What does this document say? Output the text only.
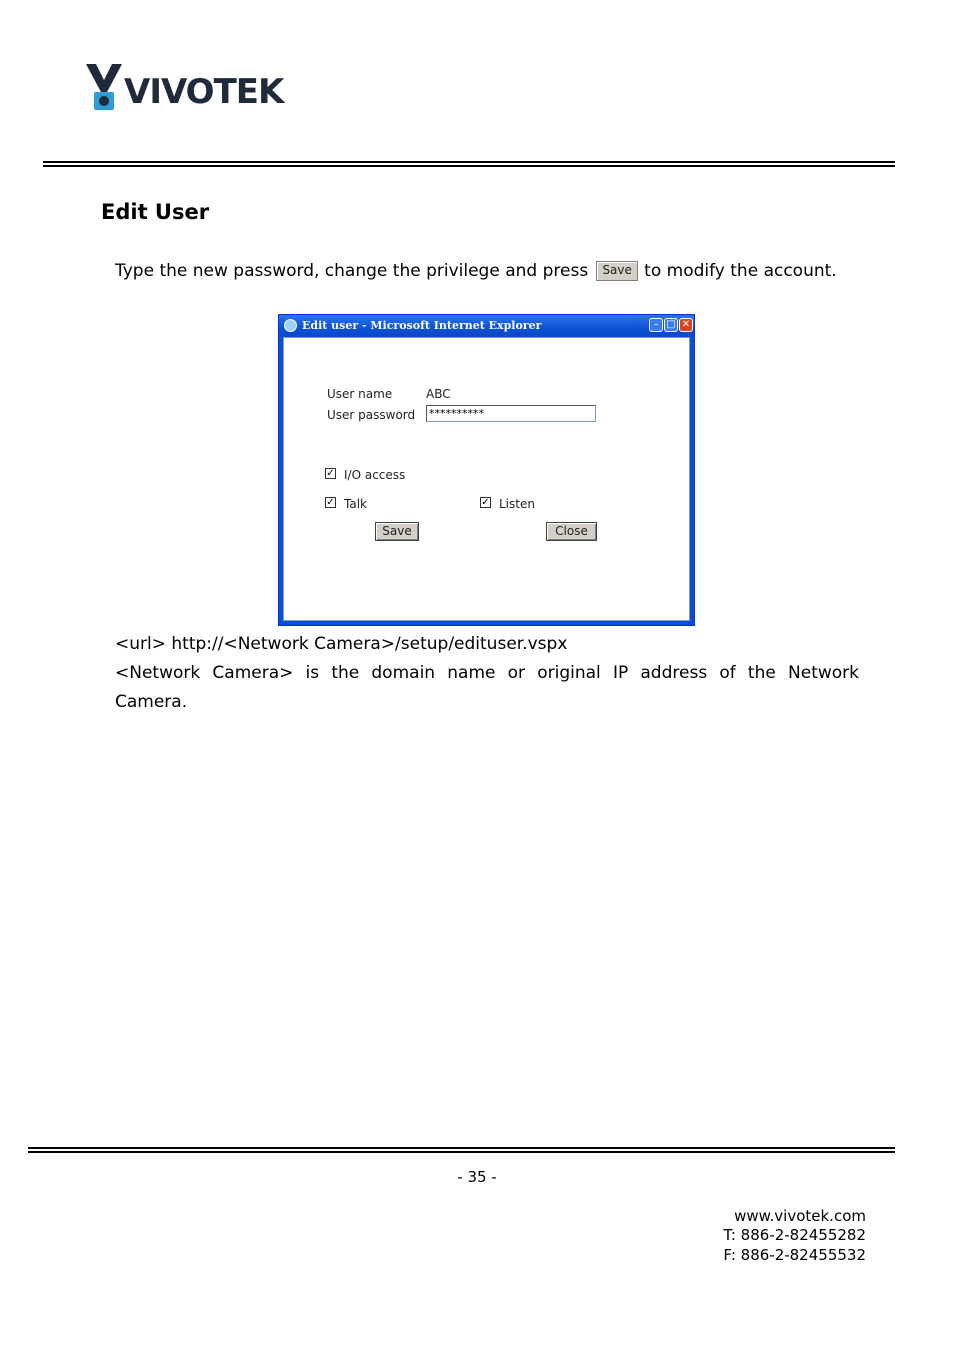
VIVOTEK
Edit User
Type the new password, change the privilege and press Save to modify the account.
Edit user - Microsoft Internet Explorer	– □ ✕
User name	ABC
User password **********
✓ I/O access
✓ Talk	✓ Listen
Save	Close
<url> http://<Network Camera>/setup/edituser.vspx
<Network Camera> is the domain name or original IP address of the Network
Camera.
- 35 -
www.vivotek.com
T: 886-2-82455282
F: 886-2-82455532
